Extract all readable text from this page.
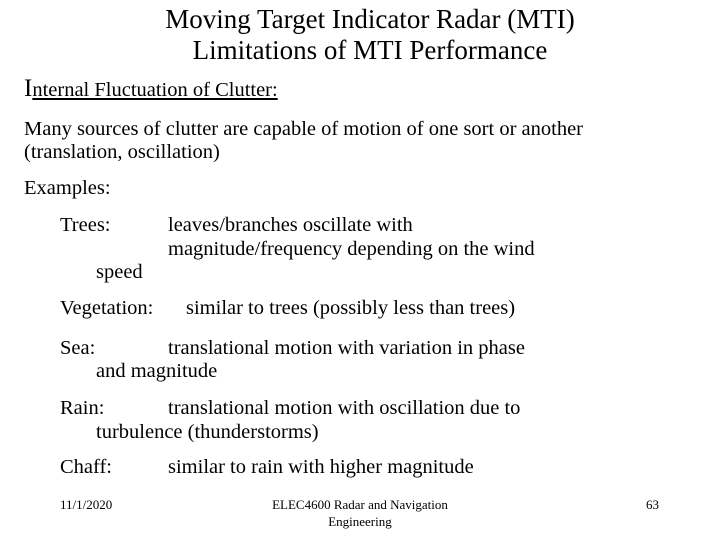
Moving Target Indicator Radar (MTI)
Limitations of MTI Performance
Internal Fluctuation of Clutter:
Many sources of clutter are capable of motion of one sort or another
(translation, oscillation)
Examples:
Trees:	leaves/branches oscillate with
magnitude/frequency depending on the wind
speed
Vegetation: similar to trees (possibly less than trees)
Sea:	translational motion with variation in phase
and magnitude
Rain:	translational motion with oscillation due to
turbulence (thunderstorms)
Chaff:	similar to rain with higher magnitude
11/1/2020	ELEC4600 Radar and Navigation
Engineering
63
